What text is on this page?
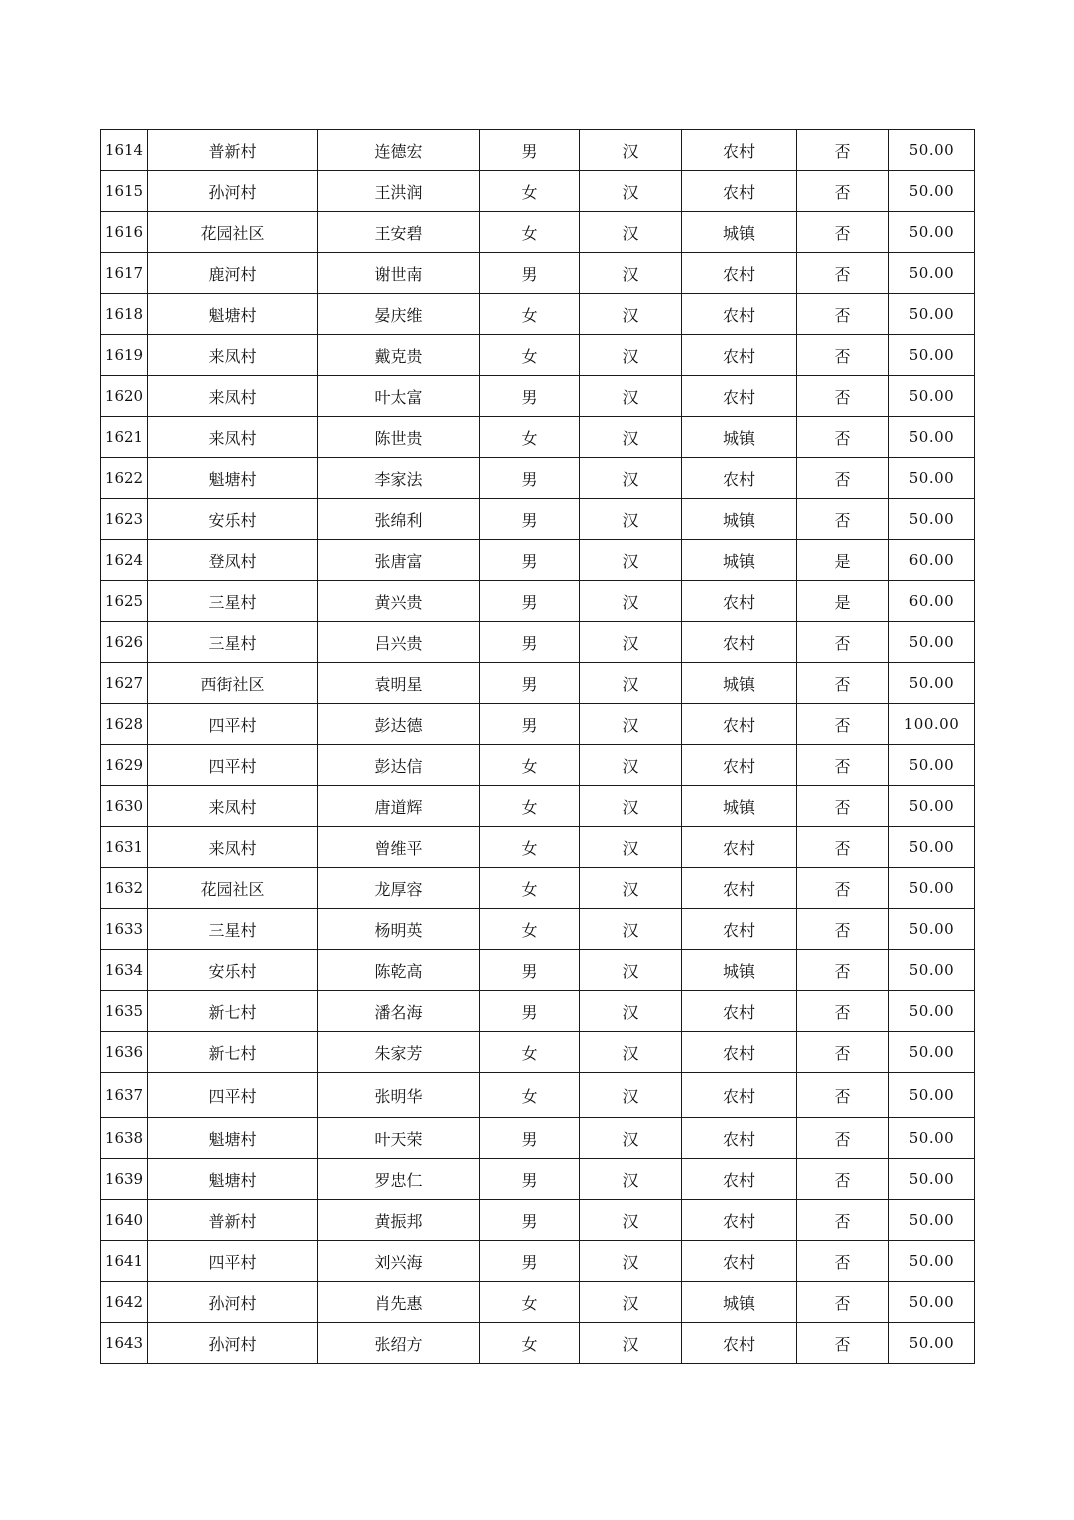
1614	普新村	连德宏	男	汉	农村	否	50.00
1615	孙河村	王洪润	女	汉	农村	否	50.00
1616	花园社区	王安碧	女	汉	城镇	否	50.00
1617	鹿河村	谢世南	男	汉	农村	否	50.00
1618	魁塘村	晏庆维	女	汉	农村	否	50.00
1619	来凤村	戴克贵	女	汉	农村	否	50.00
1620	来凤村	叶太富	男	汉	农村	否	50.00
1621	来凤村	陈世贵	女	汉	城镇	否	50.00
1622	魁塘村	李家法	男	汉	农村	否	50.00
1623	安乐村	张绵利	男	汉	城镇	否	50.00
1624	登凤村	张唐富	男	汉	城镇	是	60.00
1625	三星村	黄兴贵	男	汉	农村	是	60.00
1626	三星村	吕兴贵	男	汉	农村	否	50.00
1627	西街社区	袁明星	男	汉	城镇	否	50.00
1628	四平村	彭达德	男	汉	农村	否	100.00
1629	四平村	彭达信	女	汉	农村	否	50.00
1630	来凤村	唐道辉	女	汉	城镇	否	50.00
1631	来凤村	曾维平	女	汉	农村	否	50.00
1632	花园社区	龙厚容	女	汉	农村	否	50.00
1633	三星村	杨明英	女	汉	农村	否	50.00
1634	安乐村	陈乾高	男	汉	城镇	否	50.00
1635	新七村	潘名海	男	汉	农村	否	50.00
1636	新七村	朱家芳	女	汉	农村	否	50.00
1637	四平村	张明华	女	汉	农村	否	50.00
1638	魁塘村	叶天荣	男	汉	农村	否	50.00
1639	魁塘村	罗忠仁	男	汉	农村	否	50.00
1640	普新村	黄振邦	男	汉	农村	否	50.00
1641	四平村	刘兴海	男	汉	农村	否	50.00
1642	孙河村	肖先惠	女	汉	城镇	否	50.00
1643	孙河村	张绍方	女	汉	农村	否	50.00
